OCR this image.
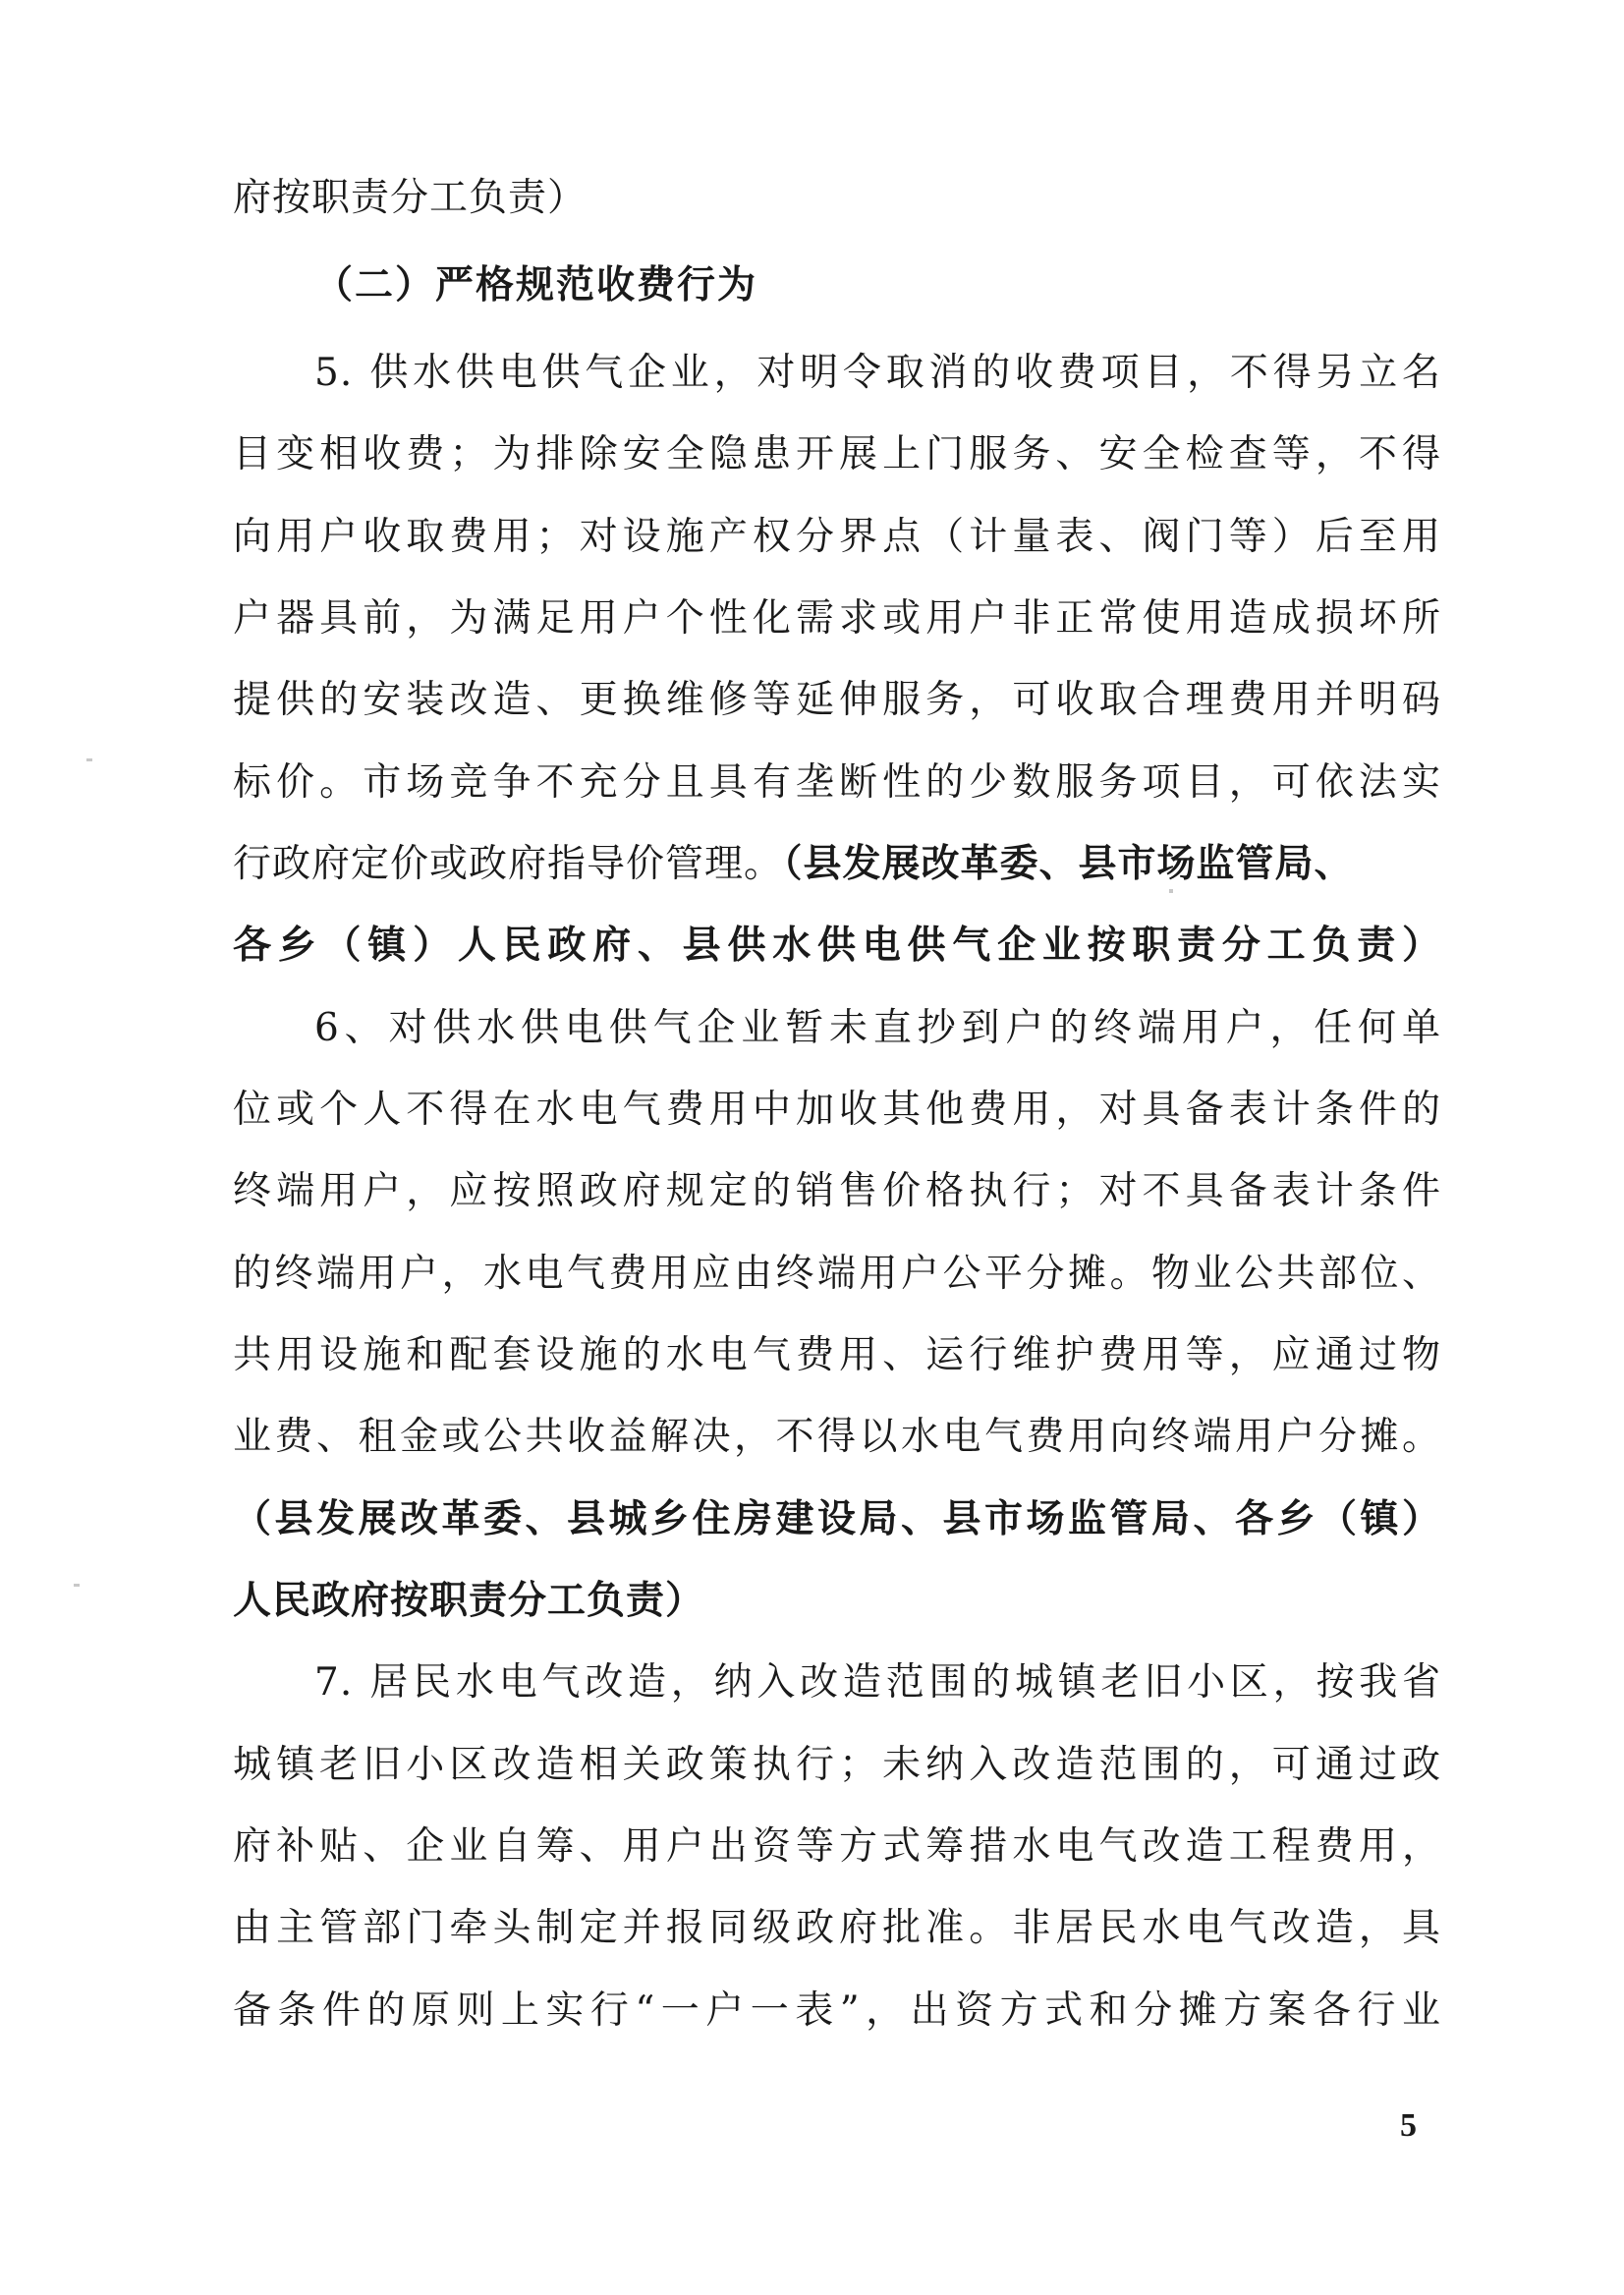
府按职责分工负责）
（二）严格规范收费行为
5. 供水供电供气企业，对明令取消的收费项目，不得另立名
目变相收费；为排除安全隐患开展上门服务、安全检查等，不得
向用户收取费用；对设施产权分界点（计量表、阀门等）后至用
户器具前，为满足用户个性化需求或用户非正常使用造成损坏所
提供的安装改造、更换维修等延伸服务，可收取合理费用并明码
标价。市场竞争不充分且具有垄断性的少数服务项目，可依法实
行政府定价或政府指导价管理。（县发展改革委、县市场监管局、
各乡（镇）人民政府、县供水供电供气企业按职责分工负责）
6、对供水供电供气企业暂未直抄到户的终端用户，任何单
位或个人不得在水电气费用中加收其他费用，对具备表计条件的
终端用户，应按照政府规定的销售价格执行；对不具备表计条件
的终端用户，水电气费用应由终端用户公平分摊。物业公共部位、
共用设施和配套设施的水电气费用、运行维护费用等，应通过物
业费、租金或公共收益解决，不得以水电气费用向终端用户分摊。
（县发展改革委、县城乡住房建设局、县市场监管局、各乡（镇）
人民政府按职责分工负责）
7. 居民水电气改造，纳入改造范围的城镇老旧小区，按我省
城镇老旧小区改造相关政策执行；未纳入改造范围的，可通过政
府补贴、企业自筹、用户出资等方式筹措水电气改造工程费用，
由主管部门牵头制定并报同级政府批准。非居民水电气改造，具
备条件的原则上实行“一户一表”，出资方式和分摊方案各行业
5
